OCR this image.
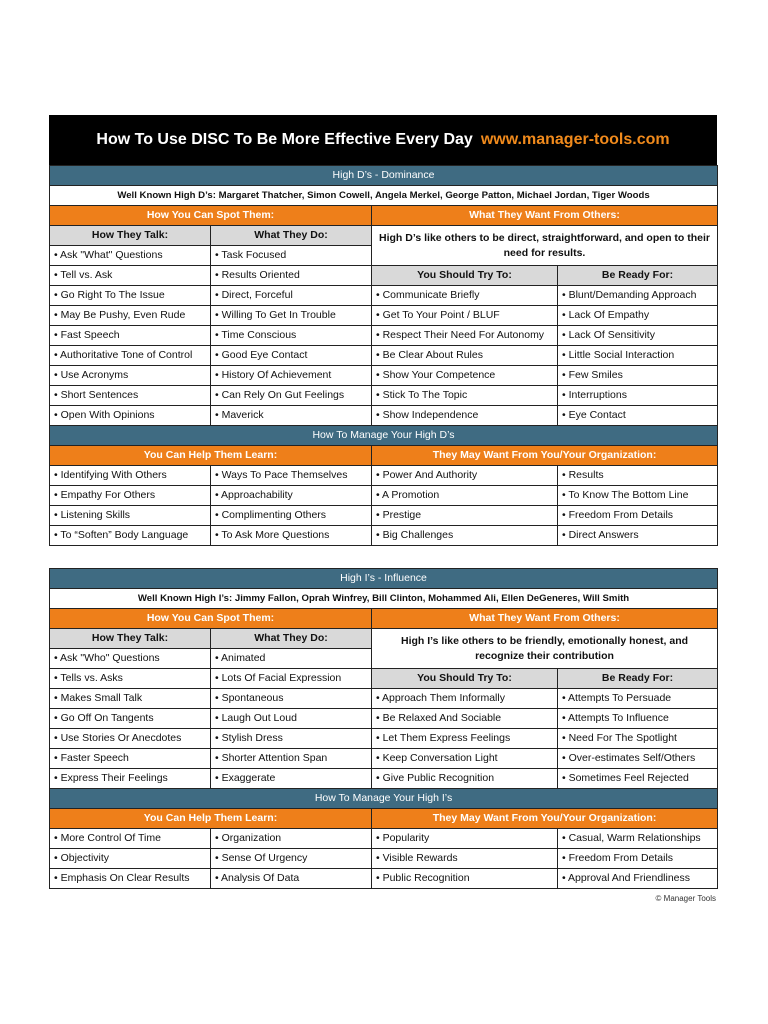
How To Use DISC To Be More Effective Every Day www.manager-tools.com
High D’s - Dominance			
Well Known High D’s: Margaret Thatcher, Simon Cowell, Angela Merkel, George Patton, Michael Jordan, Tiger Woods			
How You Can Spot Them:		What They Want From Others:	
How They Talk:	What They Do:	High D’s like others to be direct, straightforward, and open to their need for results.	
• Ask "What" Questions	• Task Focused		
• Tell vs. Ask	• Results Oriented	You Should Try To:	Be Ready For:
• Go Right To The Issue	• Direct, Forceful	• Communicate Briefly	• Blunt/Demanding Approach
• May Be Pushy, Even Rude	• Willing To Get In Trouble	• Get To Your Point / BLUF	• Lack Of Empathy
• Fast Speech	• Time Conscious	• Respect Their Need For Autonomy	• Lack Of Sensitivity
• Authoritative Tone of Control	• Good Eye Contact	• Be Clear About Rules	• Little Social Interaction
• Use Acronyms	• History Of Achievement	• Show Your Competence	• Few Smiles
• Short Sentences	• Can Rely On Gut Feelings	• Stick To The Topic	• Interruptions
• Open With Opinions	• Maverick	• Show Independence	• Eye Contact
How To Manage Your High D’s			
You Can Help Them Learn:		They May Want From You/Your Organization:	
• Identifying With Others	• Ways To Pace Themselves	• Power And Authority	• Results
• Empathy For Others	• Approachability	• A Promotion	• To Know The Bottom Line
• Listening Skills	• Complimenting Others	• Prestige	• Freedom From Details
• To “Soften” Body Language	• To Ask More Questions	• Big Challenges	• Direct Answers
High I’s - Influence			
Well Known High I’s: Jimmy Fallon, Oprah Winfrey, Bill Clinton, Mohammed Ali, Ellen DeGeneres, Will Smith			
How You Can Spot Them:		What They Want From Others:	
How They Talk:	What They Do:	High I’s like others to be friendly, emotionally honest, and recognize their contribution	
• Ask "Who" Questions	• Animated		
• Tells vs. Asks	• Lots Of Facial Expression	You Should Try To:	Be Ready For:
• Makes Small Talk	• Spontaneous	• Approach Them Informally	• Attempts To Persuade
• Go Off On Tangents	• Laugh Out Loud	• Be Relaxed And Sociable	• Attempts To Influence
• Use Stories Or Anecdotes	• Stylish Dress	• Let Them Express Feelings	• Need For The Spotlight
• Faster Speech	• Shorter Attention Span	• Keep Conversation Light	• Over-estimates Self/Others
• Express Their Feelings	• Exaggerate	• Give Public Recognition	• Sometimes Feel Rejected
How To Manage Your High I’s			
You Can Help Them Learn:		They May Want From You/Your Organization:	
• More Control Of Time	• Organization	• Popularity	• Casual, Warm Relationships
• Objectivity	• Sense Of Urgency	• Visible Rewards	• Freedom From Details
• Emphasis On Clear Results	• Analysis Of Data	• Public Recognition	• Approval And Friendliness
© Manager Tools
